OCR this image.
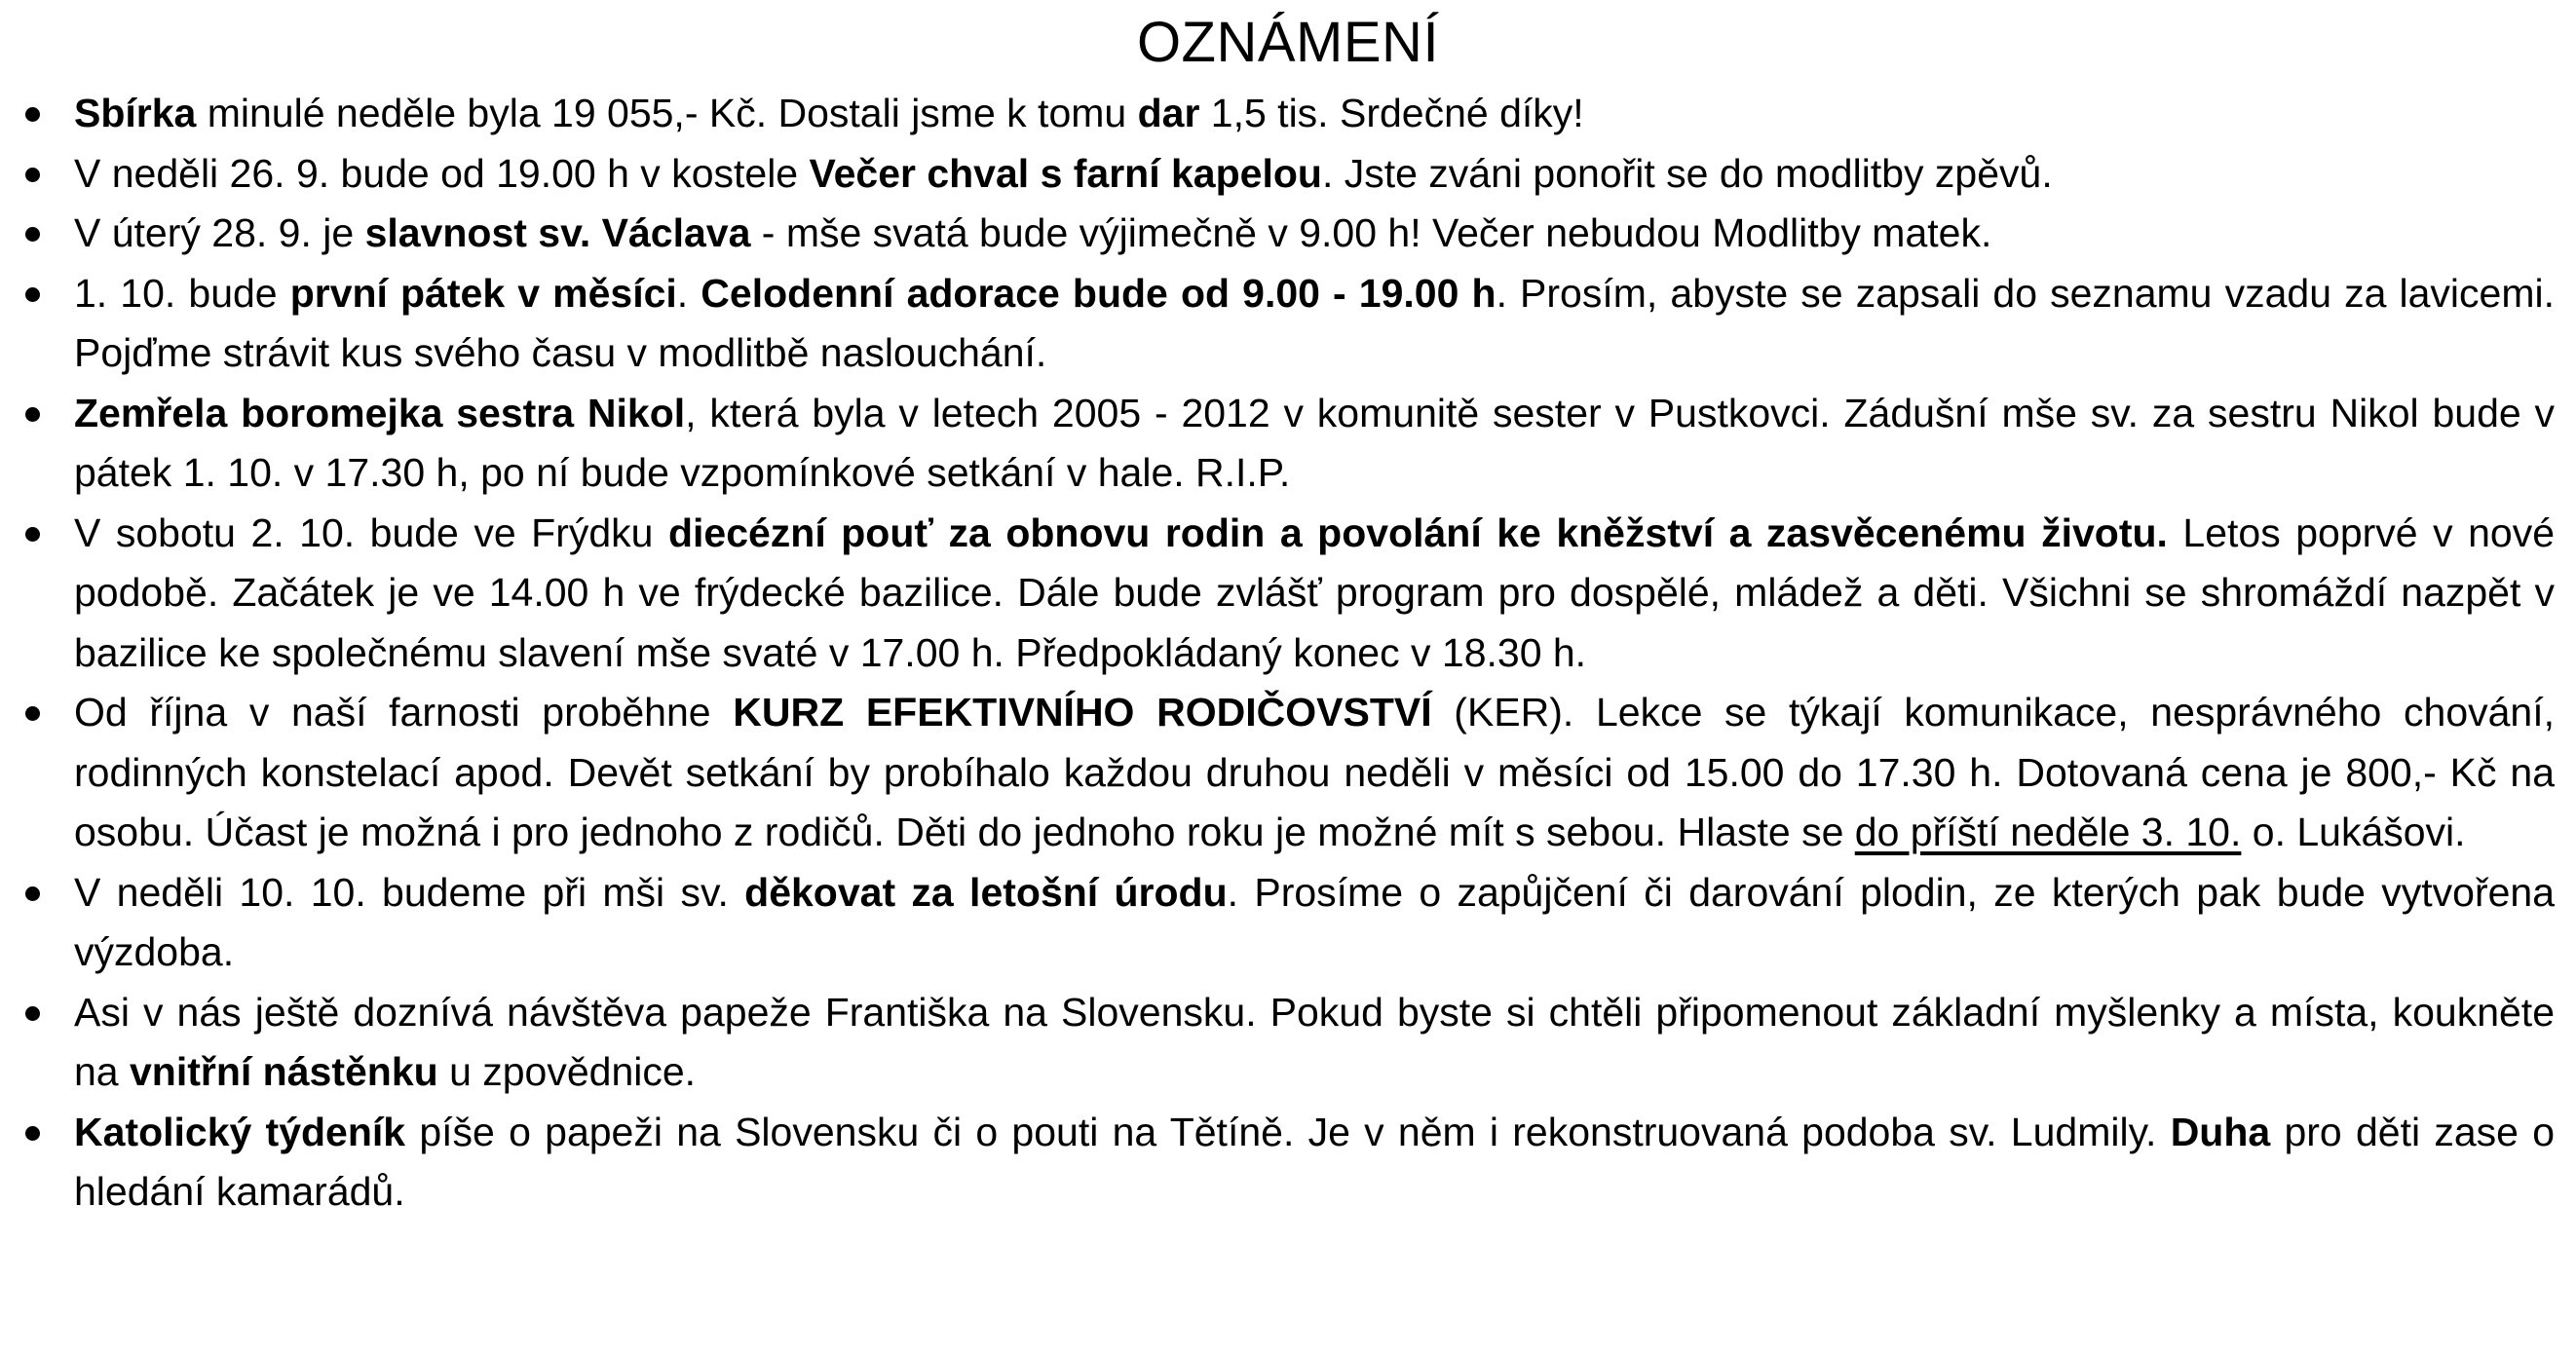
OZNÁMENÍ
Sbírka minulé neděle byla 19 055,- Kč. Dostali jsme k tomu dar 1,5 tis. Srdečné díky!
V neděli 26. 9. bude od 19.00 h v kostele Večer chval s farní kapelou. Jste zváni ponořit se do modlitby zpěvů.
V úterý 28. 9. je slavnost sv. Václava - mše svatá bude výjimečně v 9.00 h! Večer nebudou Modlitby matek.
1. 10. bude první pátek v měsíci. Celodenní adorace bude od 9.00 - 19.00 h. Prosím, abyste se zapsali do seznamu vzadu za lavicemi. Pojďme strávit kus svého času v modlitbě naslouchání.
Zemřela boromejka sestra Nikol, která byla v letech 2005 - 2012 v komunitě sester v Pustkovci. Zádušní mše sv. za sestru Nikol bude v pátek 1. 10. v 17.30 h, po ní bude vzpomínkové setkání v hale. R.I.P.
V sobotu 2. 10. bude ve Frýdku diecézní pouť za obnovu rodin a povolání ke kněžství a zasvěcenému životu. Letos poprvé v nové podobě. Začátek je ve 14.00 h ve frýdecké bazilice. Dále bude zvlášť program pro dospělé, mládež a děti. Všichni se shromáždí nazpět v bazilice ke společnému slavení mše svaté v 17.00 h. Předpokládaný konec v 18.30 h.
Od října v naší farnosti proběhne KURZ EFEKTIVNÍHO RODIČOVSTVÍ (KER). Lekce se týkají komunikace, nesprávného chování, rodinných konstelací apod. Devět setkání by probíhalo každou druhou neděli v měsíci od 15.00 do 17.30 h. Dotovaná cena je 800,- Kč na osobu. Účast je možná i pro jednoho z rodičů. Děti do jednoho roku je možné mít s sebou. Hlaste se do příští neděle 3. 10. o. Lukášovi.
V neděli 10. 10. budeme při mši sv. děkovat za letošní úrodu. Prosíme o zapůjčení či darování plodin, ze kterých pak bude vytvořena výzdoba.
Asi v nás ještě doznívá návštěva papeže Františka na Slovensku. Pokud byste si chtěli připomenout základní myšlenky a místa, koukněte na vnitřní nástěnku u zpovědnice.
Katolický týdeník píše o papeži na Slovensku či o pouti na Tětíně. Je v něm i rekonstruovaná podoba sv. Ludmily. Duha pro děti zase o hledání kamarádů.
